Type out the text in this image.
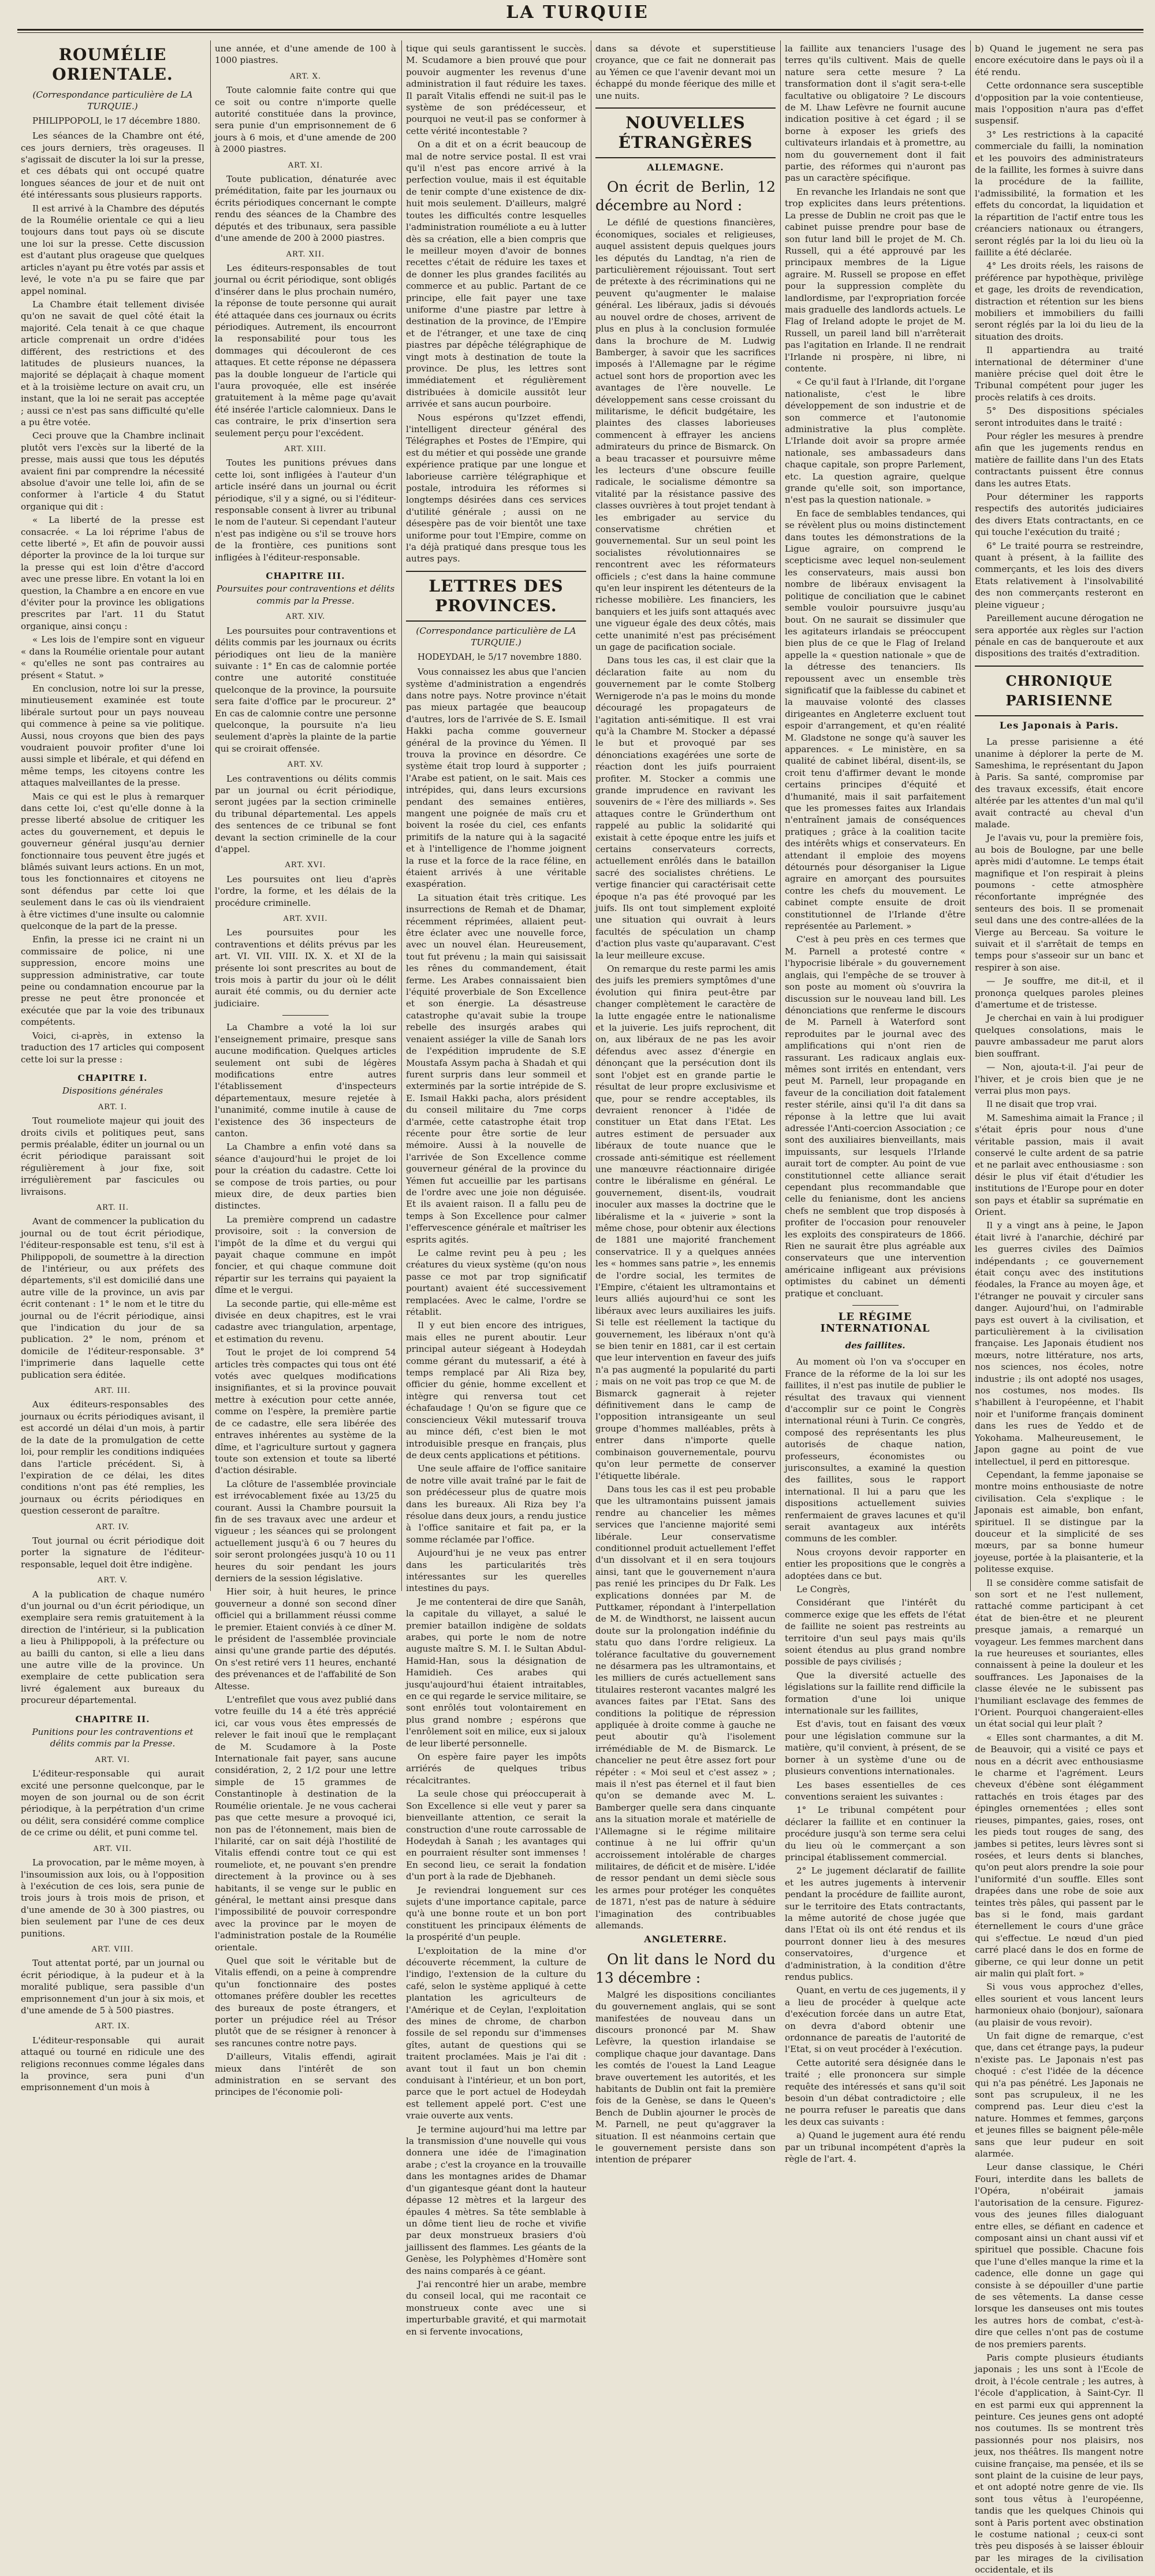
LA TURQUIE
ROUMÉLIE ORIENTALE.
(Correspondance particulière de LA TURQUIE.)
PHILIPPOPOLI, le 17 décembre 1880.

Les séances de la Chambre ont été, ces jours derniers, très orageuses. Il s'agissait de discuter la loi sur la presse, et ces débats qui ont occupé quatre longues séances de jour et de nuit ont été intéressants sous plusieurs rapports.

Il est arrivé à la Chambre des députés de la Roumélie orientale ce qui a lieu toujours dans tout pays où se discute une loi sur la presse. Cette discussion est d'autant plus orageuse que quelques articles n'ayant pu être votés par assis et levé, le vote n'a pu se faire que par appel nominal.

La Chambre était tellement divisée qu'on ne savait de quel côté était la majorité. Cela tenait à ce que chaque article comprenait un ordre d'idées différent, des restrictions et des latitudes de plusieurs nuances, la majorité se déplaçait à chaque moment et à la troisième lecture on avait cru, un instant, que la loi ne serait pas acceptée ; aussi ce n'est pas sans difficulté qu'elle a pu être votée.

Ceci prouve que la Chambre inclinait plutôt vers l'excès sur la liberté de la presse, mais aussi que tous les députés avaient fini par comprendre la nécessité absolue d'avoir une telle loi, afin de se conformer à l'article 4 du Statut organique qui dit :

« La liberté de la presse est consacrée. « La loi réprime l'abus de cette liberté », Et afin de pouvoir aussi déporter la province de la loi turque sur la presse qui est loin d'être d'accord avec une presse libre. En votant la loi en question, la Chambre a en encore en vue d'éviter pour la province les obligations prescrites par l'art. 11 du Statut organique, ainsi conçu :

« Les lois de l'empire sont en vigueur « dans la Roumélie orientale pour autant « qu'elles ne sont pas contraires au présent « Statut. »

En conclusion, notre loi sur la presse, minutieusement examinée est toute libérale surtout pour un pays nouveau qui commence à peine sa vie politique. Aussi, nous croyons que bien des pays voudraient pouvoir profiter d'une loi aussi simple et libérale, et qui défend en même temps, les citoyens contre les attaques malveillantes de la presse.

Mais ce qui est le plus à remarquer dans cette loi, c'est qu'elle donne à la presse liberté absolue de critiquer les actes du gouvernement, et depuis le gouverneur général jusqu'au dernier fonctionnaire tous peuvent être jugés et blâmés suivant leurs actions. En un mot, tous les fonctionnaires et citoyens ne sont défendus par cette loi que seulement dans le cas où ils viendraient à être victimes d'une insulte ou calomnie quelconque de la part de la presse.

Enfin, la presse ici ne craint ni un commissaire de police, ni une suppression, encore moins une suppression administrative, car toute peine ou condamnation encourue par la presse ne peut être prononcée et exécutée que par la voie des tribunaux compétents.

Voici, ci-après, in extenso la traduction des 17 articles qui composent cette loi sur la presse :

CHAPITRE I.
Dispositions générales
ART. I.

Tout roumeliote majeur qui jouit des droits civils et politiques peut, sans permis préalable, éditer un journal ou un écrit périodique paraissant soit régulièrement à jour fixe, soit irrégulièrement par fascicules ou livraisons.

ART. II.

Avant de commencer la publication du journal ou de tout écrit périodique, l'éditeur-responsable est tenu, s'il est à Philippopoli, de soumettre à la direction de l'intérieur, ou aux préfets des départements, s'il est domicilié dans une autre ville de la province, un avis par écrit contenant : 1° le nom et le titre du journal ou de l'écrit périodique, ainsi que l'indication du jour de sa publication. 2° le nom, prénom et domicile de l'éditeur-responsable. 3° l'imprimerie dans laquelle cette publication sera éditée.

ART. III.

Aux éditeurs-responsables des journaux ou écrits périodiques avisant, il est accordé un délai d'un mois, à partir de la date de la promulgation de cette loi, pour remplir les conditions indiquées dans l'article précédent. Si, à l'expiration de ce délai, les dites conditions n'ont pas été remplies, les journaux ou écrits périodiques en question cesseront de paraître.

ART. IV.

Tout journal ou écrit périodique doit porter la signature de l'éditeur-responsable, lequel doit être indigène.

ART. V.

A la publication de chaque numéro d'un journal ou d'un écrit périodique, un exemplaire sera remis gratuitement à la direction de l'intérieur, si la publication a lieu à Philippopoli, à la préfecture ou au bailli du canton, si elle a lieu dans une autre ville de la province. Un exemplaire de cette publication sera livré également aux bureaux du procureur départemental.

CHAPITRE II.
Punitions pour les contraventions et délits commis par la Presse.
ART. VI.

L'éditeur-responsable qui aurait excité une personne quelconque, par le moyen de son journal ou de son écrit périodique, à la perpétration d'un crime ou délit, sera considéré comme complice de ce crime ou délit, et puni comme tel.

ART. VII.

La provocation, par le même moyen, à l'insoumission aux lois, ou à l'opposition à l'exécution de ces lois, sera punie de trois jours à trois mois de prison, et d'une amende de 30 à 300 piastres, ou bien seulement par l'une de ces deux punitions.

ART. VIII.

Tout attentat porté, par un journal ou écrit périodique, à la pudeur et à la moralité publique, sera passible d'un emprisonnement d'un jour à six mois, et d'une amende de 5 à 500 piastres.

ART. IX.

L'éditeur-responsable qui aurait attaqué ou tourné en ridicule une des religions reconnues comme légales dans la province, sera puni d'un emprisonnement d'un mois à

une année, et d'une amende de 100 à 1000 piastres.

ART. X.

Toute calomnie faite contre qui que ce soit ou contre n'importe quelle autorité constituée dans la province, sera punie d'un emprisonnement de 6 jours à 6 mois, et d'une amende de 200 à 2000 piastres.

ART. XI.

Toute publication, dénaturée avec préméditation, faite par les journaux ou écrits périodiques concernant le compte rendu des séances de la Chambre des députés et des tribunaux, sera passible d'une amende de 200 à 2000 piastres.

ART. XII.

Les éditeurs-responsables de tout journal ou écrit périodique, sont obligés d'insérer dans le plus prochain numéro, la réponse de toute personne qui aurait été attaquée dans ces journaux ou écrits périodiques. Autrement, ils encourront la responsabilité pour tous les dommages qui découleront de ces attaques. Et cette réponse ne dépassera pas la double longueur de l'article qui l'aura provoquée, elle est insérée gratuitement à la même page qu'avait été insérée l'article calomnieux. Dans le cas contraire, le prix d'insertion sera seulement perçu pour l'excédent.

ART. XIII.

Toutes les punitions prévues dans cette loi, sont infligées à l'auteur d'un article inséré dans un journal ou écrit périodique, s'il y a signé, ou si l'éditeur-responsable consent à livrer au tribunal le nom de l'auteur. Si cependant l'auteur n'est pas indigène ou s'il se trouve hors de la frontière, ces punitions sont infligées à l'éditeur-responsable.

CHAPITRE III.
Poursuites pour contraventions et délits commis par la Presse.
ART. XIV.

Les poursuites pour contraventions et délits commis par les journaux ou écrits périodiques ont lieu de la manière suivante : 1° En cas de calomnie portée contre une autorité constituée quelconque de la province, la poursuite sera faite d'office par le procureur. 2° En cas de calomnie contre une personne quelconque, la poursuite n'a lieu seulement d'après la plainte de la partie qui se croirait offensée.

ART. XV.

Les contraventions ou délits commis par un journal ou écrit périodique, seront jugées par la section criminelle du tribunal départemental. Les appels des sentences de ce tribunal se font devant la section criminelle de la cour d'appel.

ART. XVI.

Les poursuites ont lieu d'après l'ordre, la forme, et les délais de la procédure criminelle.

ART. XVII.

Les poursuites pour les contraventions et délits prévus par les art. VI. VII. VIII. IX. X. et XI de la présente loi sont prescrites au bout de trois mois à partir du jour où le délit aurait été commis, ou du dernier acte judiciaire.

La Chambre a voté la loi sur l'enseignement primaire, presque sans aucune modification. Quelques articles seulement ont subi de légères modifications entre autres l'établissement d'inspecteurs départementaux, mesure rejetée à l'unanimité, comme inutile à cause de l'existence des 36 inspecteurs de canton.

La Chambre a enfin voté dans sa séance d'aujourd'hui le projet de loi pour la création du cadastre. Cette loi se compose de trois parties, ou pour mieux dire, de deux parties bien distinctes.

La première comprend un cadastre provisoire, soit : la conversion de l'impôt de la dîme et du vergui qui payait chaque commune en impôt foncier, et qui chaque commune doit répartir sur les terrains qui payaient la dîme et le vergui.

La seconde partie, qui elle-même est divisée en deux chapitres, est le vrai cadastre avec triangulation, arpentage, et estimation du revenu.

Tout le projet de loi comprend 54 articles très compactes qui tous ont été votés avec quelques modifications insignifiantes, et si la province pouvait mettre à exécution pour cette année, comme on l'espère, la première partie de ce cadastre, elle sera libérée des entraves inhérentes au système de la dîme, et l'agriculture surtout y gagnera toute son extension et toute sa liberté d'action désirable.

La clôture de l'assemblée provinciale est irrévocablement fixée au 13/25 du courant. Aussi la Chambre poursuit la fin de ses travaux avec une ardeur et vigueur ; les séances qui se prolongent actuellement jusqu'à 6 ou 7 heures du soir seront prolongées jusqu'à 10 ou 11 heures du soir pendant les jours derniers de la session législative.

Hier soir, à huit heures, le prince gouverneur a donné son second dîner officiel qui a brillamment réussi comme le premier. Etaient conviés à ce dîner M. le président de l'assemblée provinciale ainsi qu'une grande partie des députés. On s'est retiré vers 11 heures, enchanté des prévenances et de l'affabilité de Son Altesse.

L'entrefilet que vous avez publié dans votre feuille du 14 a été très apprécié ici, car vous vous êtes empressés de relever le fait inouï que le remplaçant de M. Scudamore à la Poste Internationale fait payer, sans aucune considération, 2, 2 1/2 pour une lettre simple de 15 grammes de Constantinople à destination de la Roumélie orientale. Je ne vous cacherai pas que cette mesure a provoqué ici, non pas de l'étonnement, mais bien de l'hilarité, car on sait déjà l'hostilité de Vitalis effendi contre tout ce qui est roumeliote, et, ne pouvant s'en prendre directement à la province ou à ses habitants, il se venge sur le public en général, le mettant ainsi presque dans l'impossibilité de pouvoir correspondre avec la province par le moyen de l'administration postale de la Roumélie orientale.

Quel que soit le véritable but de Vitalis effendi, on a peine à comprendre qu'un fonctionnaire des postes ottomanes préfère doubler les recettes des bureaux de poste étrangers, et porter un préjudice réel au Trésor plutôt que de se résigner à renoncer à ses rancunes contre notre pays.

D'ailleurs, Vitalis effendi, agirait mieux dans l'intérêt de son administration en se servant des principes de l'économie poli-

tique qui seuls garantissent le succès. M. Scudamore a bien prouvé que pour pouvoir augmenter les revenus d'une administration il faut réduire les taxes. Il paraît Vitalis effendi ne suit-il pas le système de son prédécesseur, et pourquoi ne veut-il pas se conformer à cette vérité incontestable ?

On a dit et on a écrit beaucoup de mal de notre service postal. Il est vrai qu'il n'est pas encore arrivé à la perfection voulue, mais il est équitable de tenir compte d'une existence de dix-huit mois seulement. D'ailleurs, malgré toutes les difficultés contre lesquelles l'administration rouméliote a eu à lutter dès sa création, elle a bien compris que le meilleur moyen d'avoir de bonnes recettes c'était de réduire les taxes et de donner les plus grandes facilités au commerce et au public. Partant de ce principe, elle fait payer une taxe uniforme d'une piastre par lettre à destination de la province, de l'Empire et de l'étranger, et une taxe de cinq piastres par dépêche télégraphique de vingt mots à destination de toute la province. De plus, les lettres sont immédiatement et régulièrement distribuées à domicile aussitôt leur arrivée et sans aucun pourboire.

Nous espérons qu'Izzet effendi, l'intelligent directeur général des Télégraphes et Postes de l'Empire, qui est du métier et qui possède une grande expérience pratique par une longue et laborieuse carrière télégraphique et postale, introduira les réformes si longtemps désirées dans ces services d'utilité générale ; aussi on ne désespère pas de voir bientôt une taxe uniforme pour tout l'Empire, comme on l'a déjà pratiqué dans presque tous les autres pays.

LETTRES DES PROVINCES.
(Correspondance particulière de LA TURQUIE.)
HODEYDAH, le 5/17 novembre 1880.

Vous connaissez les abus que l'ancien système d'administration a engendrés dans notre pays. Notre province n'était pas mieux partagée que beaucoup d'autres, lors de l'arrivée de S. E. Ismail Hakki pacha comme gouverneur général de la province du Yémen. Il trouva la province en désordre. Ce système était trop lourd à supporter ; l'Arabe est patient, on le sait. Mais ces intrépides, qui, dans leurs excursions pendant des semaines entières, mangent une poignée de maïs cru et boivent la rosée du ciel, ces enfants primitifs de la nature qui à la sagacité et à l'intelligence de l'homme joignent la ruse et la force de la race féline, en étaient arrivés à une véritable exaspération.

La situation était très critique. Les insurrections de Remah et de Dhamar, récemment réprimées, allaient peut-être éclater avec une nouvelle force, avec un nouvel élan. Heureusement, tout fut prévenu ; la main qui saisissait les rênes du commandement, était ferme. Les Arabes connaissaient bien l'équité proverbiale de Son Excellence et son énergie. La désastreuse catastrophe qu'avait subie la troupe rebelle des insurgés arabes qui venaient assiéger la ville de Sanah lors de l'expédition imprudente de S.E Moustafa Assym pacha à Shadah et qui furent surpris dans leur sommeil et exterminés par la sortie intrépide de S. E. Ismail Hakki pacha, alors président du conseil militaire du 7me corps d'armée, cette catastrophe était trop récente pour être sortie de leur mémoire. Aussi à la nouvelle de l'arrivée de Son Excellence comme gouverneur général de la province du Yémen fut accueillie par les partisans de l'ordre avec une joie non déguisée. Et ils avaient raison. Il a fallu peu de temps à Son Excellence pour calmer l'effervescence générale et maîtriser les esprits agités.

Le calme revint peu à peu ; les créatures du vieux système (qu'on nous passe ce mot par trop significatif pourtant) avaient été successivement remplacées. Avec le calme, l'ordre se rétablit.

Il y eut bien encore des intrigues, mais elles ne purent aboutir. Leur principal auteur siégeant à Hodeydah comme gérant du mutessarif, a été à temps remplacé par Ali Riza bey, officier du génie, homme excellent et intègre qui renversa tout cet échafaudage ! Qu'on se figure que ce consciencieux Vékil mutessarif trouva au mince défi, c'est bien le mot introduisible presque en français, plus de deux cents applications et pétitions.

Une seule affaire de l'office sanitaire de notre ville avait traîné par le fait de son prédécesseur plus de quatre mois dans les bureaux. Ali Riza bey l'a résolue dans deux jours, a rendu justice à l'office sanitaire et fait pa, er la somme réclamée par l'office.

Aujourd'hui je ne veux pas entrer dans les particularités très intéressantes sur les querelles intestines du pays.

Je me contenterai de dire que Sanâh, la capitale du villayet, a salué le premier bataillon indigène de soldats arabes, qui porte le nom de notre auguste maître S. M. I. le Sultan Abdul-Hamid-Han, sous la désignation de Hamidieh. Ces arabes qui jusqu'aujourd'hui étaient intraitables, en ce qui regarde le service militaire, se sont enrôlés tout volontairement en plus grand nombre ; espérons que l'enrôlement soit en milice, eux si jaloux de leur liberté personnelle.

On espère faire payer les impôts arriérés de quelques tribus récalcitrantes.

La seule chose qui préoccuperait à Son Excellence si elle veut y parer sa bienveillante attention, ce serait la construction d'une route carrossable de Hodeydah à Sanah ; les avantages qui en pourraient résulter sont immenses ! En second lieu, ce serait la fondation d'un port à la rade de Djebhaneh.

Je reviendrai longuement sur ces sujets d'une importance capitale, parce qu'à une bonne route et un bon port constituent les principaux éléments de la prospérité d'un peuple.

L'exploitation de la mine d'or découverte récemment, la culture de l'indigo, l'extension de la culture du café, selon le système appliqué à cette plantation les agriculteurs de l'Amérique et de Ceylan, l'exploitation des mines de chrome, de charbon fossile de sel repondu sur d'immenses gîtes, autant de questions qui se traitent proclamées. Mais je l'ai dit : avant tout il faut un bon chemin conduisant à l'intérieur, et un bon port, parce que le port actuel de Hodeydah est tellement appelé port. C'est une vraie ouverte aux vents.

Je termine aujourd'hui ma lettre par la transmission d'une nouvelle qui vous donnera une idée de l'imagination arabe ; c'est la croyance en la trouvaille dans les montagnes arides de Dhamar d'un gigantesque géant dont la hauteur dépasse 12 mètres et la largeur des épaules 4 mètres. Sa tête semblable à un dôme tient lieu de roche et vivifie par deux monstrueux brasiers d'où jaillissent des flammes. Les géants de la Genèse, les Polyphèmes d'Homère sont des nains comparés à ce géant.

J'ai rencontré hier un arabe, membre du conseil local, qui me racontait ce monstrueux conte avec une si imperturbable gravité, et qui marmotait en si fervente invocations,

dans sa dévote et superstitieuse croyance, que ce fait ne donnerait pas au Yémen ce que l'avenir devant moi un échappé du monde féerique des mille et une nuits.

NOUVELLES ÉTRANGÈRES
ALLEMAGNE.

On écrit de Berlin, 12 décembre au Nord :

Le défilé de questions financières, économiques, sociales et religieuses, auquel assistent depuis quelques jours les députés du Landtag, n'a rien de particulièrement réjouissant. Tout sert de prétexte à des récriminations qui ne peuvent qu'augmenter le malaise général. Les libéraux, jadis si dévoués au nouvel ordre de choses, arrivent de plus en plus à la conclusion formulée dans la brochure de M. Ludwig Bamberger, à savoir que les sacrifices imposés à l'Allemagne par le régime actuel sont hors de proportion avec les avantages de l'ère nouvelle. Le développement sans cesse croissant du militarisme, le déficit budgétaire, les plaintes des classes laborieuses commencent à effrayer les anciens admirateurs du prince de Bismarck. On a beau tracasser et poursuivre même les lecteurs d'une obscure feuille radicale, le socialisme démontre sa vitalité par la résistance passive des classes ouvrières à tout projet tendant à les embrigader au service du conservatisme chrétien et gouvernemental. Sur un seul point les socialistes révolutionnaires se rencontrent avec les réformateurs officiels ; c'est dans la haine commune qu'en leur inspirent les détenteurs de la richesse mobilière. Les financiers, les banquiers et les juifs sont attaqués avec une vigueur égale des deux côtés, mais cette unanimité n'est pas précisément un gage de pacification sociale.

Dans tous les cas, il est clair que la déclaration faite au nom du gouvernement par le comte Stolberg Wernigerode n'a pas le moins du monde découragé les propagateurs de l'agitation anti-sémitique. Il est vrai qu'à la Chambre M. Stocker a dépassé le but et provoqué par ses dénonciations exagérées une sorte de réaction dont les juifs pourraient profiter. M. Stocker a commis une grande imprudence en ravivant les souvenirs de « l'ère des milliards ». Ses attaques contre le Gründerthum ont rappelé au public la solidarité qui existait à cette époque entre les juifs et certains conservateurs corrects, actuellement enrôlés dans le bataillon sacré des socialistes chrétiens. Le vertige financier qui caractérisait cette époque n'a pas été provoqué par les juifs. Ils ont tout simplement exploité une situation qui ouvrait à leurs facultés de spéculation un champ d'action plus vaste qu'auparavant. C'est la leur meilleure excuse.

On remarque du reste parmi les amis des juifs les premiers symptômes d'une évolution qui finira peut-être par changer complètement le caractère de la lutte engagée entre le nationalisme et la juiverie. Les juifs reprochent, dit on, aux libéraux de ne pas les avoir défendus avec assez d'énergie en dénonçant que la persécution dont ils sont l'objet est en grande partie le résultat de leur propre exclusivisme et que, pour se rendre acceptables, ils devraient renoncer à l'idée de constituer un Etat dans l'Etat. Les autres estiment de persuader aux libéraux de toute nuance que le crossade anti-sémitique est réellement une manœuvre réactionnaire dirigée contre le libéralisme en général. Le gouvernement, disent-ils, voudrait inoculer aux masses la doctrine que le libéralisme et la « juiverie » sont la même chose, pour obtenir aux élections de 1881 une majorité franchement conservatrice. Il y a quelques années les « hommes sans patrie », les ennemis de l'ordre social, les termites de l'Empire, c'étaient les ultramontains et leurs alliés aujourd'hui ce sont les libéraux avec leurs auxiliaires les juifs. Si telle est réellement la tactique du gouvernement, les libéraux n'ont qu'à se bien tenir en 1881, car il est certain que leur intervention en faveur des juifs n'a pas augmenté la popularité du parti ; mais on ne voit pas trop ce que M. de Bismarck gagnerait à rejeter définitivement dans le camp de l'opposition intransigeante un seul groupe d'hommes malléables, prêts à entrer dans n'importe quelle combinaison gouvernementale, pourvu qu'on leur permette de conserver l'étiquette libérale.

Dans tous les cas il est peu probable que les ultramontains puissent jamais rendre au chancelier les mêmes services que l'ancienne majorité semi libérale. Leur conservatisme conditionnel produit actuellement l'effet d'un dissolvant et il en sera toujours ainsi, tant que le gouvernement n'aura pas renié les principes du Dr Falk. Les explications données par M. de Puttkamer, répondant à l'interpellation de M. de Windthorst, ne laissent aucun doute sur la prolongation indéfinie du statu quo dans l'ordre religieux. La tolérance facultative du gouvernement ne désarmera pas les ultramontains, et les milliers de curés actuellement sans titulaires resteront vacantes malgré les avances faites par l'Etat. Sans des conditions la politique de répression appliquée à droite comme à gauche ne peut aboutir qu'à l'isolement irrémédiable de M. de Bismarck. Le chancelier ne peut être assez fort pour répéter : « Moi seul et c'est assez » ; mais il n'est pas éternel et il faut bien qu'on se demande avec M. L. Bamberger quelle sera dans cinquante ans la situation morale et matérielle de l'Allemagne si le régime militaire continue à ne lui offrir qu'un accroissement intolérable de charges militaires, de déficit et de misère. L'idée de ressor pendant un demi siècle sous les armes pour protéger les conquêtes de 1871, n'est pas de nature à séduire l'imagination des contribuables allemands.

ANGLETERRE.

On lit dans le Nord du 13 décembre :

Malgré les dispositions conciliantes du gouvernement anglais, qui se sont manifestées de nouveau dans un discours prononcé par M. Shaw Lefèvre, la question irlandaise se complique chaque jour davantage. Dans les comtés de l'ouest la Land League brave ouvertement les autorités, et les habitants de Dublin ont fait la première fois de la Genèse, se dans le Queen's Bench de Dublin ajourner le procès de M. Parnell, ne peut qu'aggraver la situation. Il est néanmoins certain que le gouvernement persiste dans son intention de préparer

la faillite aux tenanciers l'usage des terres qu'ils cultivent. Mais de quelle nature sera cette mesure ? La transformation dont il s'agit sera-t-elle facultative ou obligatoire ? Le discours de M. Lhaw Lefèvre ne fournit aucune indication positive à cet égard ; il se borne à exposer les griefs des cultivateurs irlandais et à promettre, au nom du gouvernement dont il fait partie, des réformes qui n'auront pas pas un caractère spécifique.

En revanche les Irlandais ne sont que trop explicites dans leurs prétentions. La presse de Dublin ne croit pas que le cabinet puisse prendre pour base de son futur land bill le projet de M. Ch. Russell, qui a été approuvé par les principaux membres de la Ligue agraire. M. Russell se propose en effet pour la suppression complète du landlordisme, par l'expropriation forcée mais graduelle des landlords actuels. Le Flag of Ireland adopte le projet de M. Russell, un pareil land bill n'arrêterait pas l'agitation en Irlande. Il ne rendrait l'Irlande ni prospère, ni libre, ni contente.

« Ce qu'il faut à l'Irlande, dit l'organe nationaliste, c'est le libre développement de son industrie et de son commerce et l'autonomie administrative la plus complète. L'Irlande doit avoir sa propre armée nationale, ses ambassadeurs dans chaque capitale, son propre Parlement, etc. La question agraire, quelque grande qu'elle soit, son importance, n'est pas la question nationale. »

En face de semblables tendances, qui se révèlent plus ou moins distinctement dans toutes les démonstrations de la Ligue agraire, on comprend le scepticisme avec lequel non-seulement les conservateurs, mais aussi bon nombre de libéraux envisagent la politique de conciliation que le cabinet semble vouloir poursuivre jusqu'au bout. On ne saurait se dissimuler que les agitateurs irlandais se préoccupent bien plus de ce que le Flag of Ireland appelle la « question nationale » que de la détresse des tenanciers. Ils repoussent avec un ensemble très significatif que la faiblesse du cabinet et la mauvaise volonté des classes dirigeantes en Angleterre excluent tout espoir d'arrangement, et qu'en réalité M. Gladstone ne songe qu'à sauver les apparences. « Le ministère, en sa qualité de cabinet libéral, disent-ils, se croit tenu d'affirmer devant le monde certains principes d'équité et d'humanité, mais il sait parfaitement que les promesses faites aux Irlandais n'entraînent jamais de conséquences pratiques ; grâce à la coalition tacite des intérêts whigs et conservateurs. En attendant il emploie des moyens détournés pour désorganiser la Ligue agraire en amorçant des poursuites contre les chefs du mouvement. Le cabinet compte ensuite de droit constitutionnel de l'Irlande d'être représentée au Parlement. »

C'est à peu près en ces termes que M. Parnell a protesté contre « l'hypocrisie libérale » du gouvernement anglais, qui l'empêche de se trouver à son poste au moment où s'ouvrira la discussion sur le nouveau land bill. Les dénonciations que renferme le discours de M. Parnell à Waterford sont reproduites par le journal avec des amplifications qui n'ont rien de rassurant. Les radicaux anglais eux-mêmes sont irrités en entendant, vers peut M. Parnell, leur propagande en faveur de la conciliation doit fatalement rester stérile, ainsi qu'il l'a dit dans sa réponse à la lettre que lui avait adressée l'Anti-coercion Association ; ce sont des auxiliaires bienveillants, mais impuissants, sur lesquels l'Irlande aurait tort de compter. Au point de vue constitutionnel cette alliance serait cependant plus recommandable que celle du fenianisme, dont les anciens chefs ne semblent que trop disposés à profiter de l'occasion pour renouveler les exploits des conspirateurs de 1866. Rien ne saurait être plus agréable aux conservateurs que une intervention américaine infligeant aux prévisions optimistes du cabinet un démenti pratique et concluant.

LE RÉGIME INTERNATIONAL
des faillites.

Au moment où l'on va s'occuper en France de la réforme de la loi sur les faillites, il n'est pas inutile de publier le résultat des travaux qui viennent d'accomplir sur ce point le Congrès international réuni à Turin. Ce congrès, composé des représentants les plus autorisés de chaque nation, professeurs, économistes ou jurisconsultes, a examiné la question des faillites, sous le rapport international. Il lui a paru que les dispositions actuellement suivies renfermaient de graves lacunes et qu'il serait avantageux aux intérêts communs de les combler.

Nous croyons devoir rapporter en entier les propositions que le congrès a adoptées dans ce but.

Le Congrès,

Considérant que l'intérêt du commerce exige que les effets de l'état de faillite ne soient pas restreints au territoire d'un seul pays mais qu'ils soient étendus au plus grand nombre possible de pays civilisés ;

Que la diversité actuelle des législations sur la faillite rend difficile la formation d'une loi unique internationale sur les faillites,

Est d'avis, tout en faisant des vœux pour une législation commune sur la matière, qu'il convient, à présent, de se borner à un système d'une ou de plusieurs conventions internationales.

Les bases essentielles de ces conventions seraient les suivantes :

1° Le tribunal compétent pour déclarer la faillite et en continuer la procédure jusqu'à son terme sera celui du lieu où le commerçant a son principal établissement commercial.

2° Le jugement déclaratif de faillite et les autres jugements à intervenir pendant la procédure de faillite auront, sur le territoire des Etats contractants, la même autorité de chose jugée que dans l'Etat où ils ont été rendus et ils pourront donner lieu à des mesures conservatoires, d'urgence et d'administration, à la condition d'être rendus publics.

Quant, en vertu de ces jugements, il y a lieu de procéder à quelque acte d'exécution forcée dans un autre Etat, on devra d'abord obtenir une ordonnance de pareatis de l'autorité de l'Etat, si on veut procéder à l'exécution.

Cette autorité sera désignée dans le traité ; elle prononcera sur simple requête des intéressés et sans qu'il soit besoin d'un débat contradictoire ; elle ne pourra refuser le pareatis que dans les deux cas suivants :

a) Quand le jugement aura été rendu par un tribunal incompétent d'après la règle de l'art. 4.

b) Quand le jugement ne sera pas encore exécutoire dans le pays où il a été rendu.

Cette ordonnance sera susceptible d'opposition par la voie contentieuse, mais l'opposition n'aura pas d'effet suspensif.

3° Les restrictions à la capacité commerciale du failli, la nomination et les pouvoirs des administrateurs de la faillite, les formes à suivre dans la procédure de la faillite, l'admissibilité, la formation et les effets du concordat, la liquidation et la répartition de l'actif entre tous les créanciers nationaux ou étrangers, seront réglés par la loi du lieu où la faillite a été déclarée.

4° Les droits réels, les raisons de préférence par hypothèque, privilège et gage, les droits de revendication, distraction et rétention sur les biens mobiliers et immobiliers du failli seront réglés par la loi du lieu de la situation des droits.

Il appartiendra au traité international de déterminer d'une manière précise quel doit être le Tribunal compétent pour juger les procès relatifs à ces droits.

5° Des dispositions spéciales seront introduites dans le traité :

Pour régler les mesures à prendre afin que les jugements rendus en matière de faillite dans l'un des Etats contractants puissent être connus dans les autres Etats.

Pour déterminer les rapports respectifs des autorités judiciaires des divers Etats contractants, en ce qui touche l'exécution du traité ;

6° Le traité pourra se restreindre, quant à présent, à la faillite des commerçants, et les lois des divers Etats relativement à l'insolvabilité des non commerçants resteront en pleine vigueur ;

Pareillement aucune dérogation ne sera apportée aux règles sur l'action pénale en cas de banqueroute et aux dispositions des traités d'extradition.

CHRONIQUE PARISIENNE
Les Japonais à Paris.

La presse parisienne a été unanime à déplorer la perte de M. Sameshima, le représentant du Japon à Paris. Sa santé, compromise par des travaux excessifs, était encore altérée par les attentes d'un mal qu'il avait contracté au cheval d'un malade.

Je l'avais vu, pour la première fois, au bois de Boulogne, par une belle après midi d'automne. Le temps était magnifique et l'on respirait à pleins poumons - cette atmosphère réconfortante imprégnée des senteurs des bois. Il se promenait seul dans une des contre-allées de la Vierge au Berceau. Sa voiture le suivait et il s'arrêtait de temps en temps pour s'asseoir sur un banc et respirer à son aise.

— Je souffre, me dit-il, et il prononça quelques paroles pleines d'amertume et de tristesse.

Je cherchai en vain à lui prodiguer quelques consolations, mais le pauvre ambassadeur me parut alors bien souffrant.

— Non, ajouta-t-il. J'ai peur de l'hiver, et je crois bien que je ne verrai plus mon pays.

Il ne disait que trop vrai.

M. Sameshima aimait la France ; il s'était épris pour nous d'une véritable passion, mais il avait conservé le culte ardent de sa patrie et ne parlait avec enthousiasme : son désir le plus vif était d'étudier les institutions de l'Europe pour en doter son pays et établir sa suprématie en Orient.

Il y a vingt ans à peine, le Japon était livré à l'anarchie, déchiré par les guerres civiles des Daïmios indépendants ; ce gouvernement était conçu avec des institutions féodales, la France au moyen âge, et l'étranger ne pouvait y circuler sans danger. Aujourd'hui, on l'admirable pays est ouvert à la civilisation, et particulièrement à la civilisation française. Les Japonais étudient nos mœurs, notre littérature, nos arts, nos sciences, nos écoles, notre industrie ; ils ont adopté nos usages, nos costumes, nos modes. Ils s'habillent à l'européenne, et l'habit noir et l'uniforme français dominent dans les rues de Yeddo et de Yokohama. Malheureusement, le Japon gagne au point de vue intellectuel, il perd en pittoresque.

Cependant, la femme japonaise se montre moins enthousiaste de notre civilisation. Cela s'explique : le Japonais est aimable, bon enfant, spirituel. Il se distingue par la douceur et la simplicité de ses mœurs, par sa bonne humeur joyeuse, portée à la plaisanterie, et la politesse exquise.

Il se considère comme satisfait de son sort et ne l'est nullement, rattaché comme participant à cet état de bien-être et ne pleurent presque jamais, a remarqué un voyageur. Les femmes marchent dans la rue heureuses et souriantes, elles connaissent à peine la douleur et les souffrances. Les Japonaises de la classe élevée ne le subissent pas l'humiliant esclavage des femmes de l'Orient. Pourquoi changeraient-elles un état social qui leur plaît ?

« Elles sont charmantes, a dit M. de Beauvoir, qui a visité ce pays et nous en a décrit avec enthousiasme le charme et l'agrément. Leurs cheveux d'ébène sont élégamment rattachés en trois étages par des épingles ornementées ; elles sont rieuses, pimpantes, gaies, roses, ont les pieds tout rouges de sang, des jambes si petites, leurs lèvres sont si rosées, et leurs dents si blanches, qu'on peut alors prendre la soie pour l'uniformité d'un souffle. Elles sont drapées dans une robe de soie aux teintes très pâles, qui passent par le bas si le fond, mais gardant éternellement le cours d'une grâce qui s'effectue. Le nœud d'un pied carré placé dans le dos en forme de giberne, ce qui leur donne un petit air malin qui plaît fort. »

Si vous vous approchez d'elles, elles sourient et vous lancent leurs harmonieux ohaio (bonjour), saïonara (au plaisir de vous revoir).

Un fait digne de remarque, c'est que, dans cet étrange pays, la pudeur n'existe pas. Le Japonais n'est pas choqué : c'est l'idée de la décence qui n'a pas pénétré. Les Japonais ne sont pas scrupuleux, il ne les comprend pas. Leur dieu c'est la nature. Hommes et femmes, garçons et jeunes filles se baignent pêle-mêle sans que leur pudeur en soit alarmée.

Leur danse classique, le Chéri Fouri, interdite dans les ballets de l'Opéra, n'obéirait jamais l'autorisation de la censure. Figurez-vous des jeunes filles dialoguant entre elles, se défiant en cadence et composant ainsi un chant aussi vif et spirituel que possible. Chacune fois que l'une d'elles manque la rime et la cadence, elle donne un gage qui consiste à se dépouiller d'une partie de ses vêtements. La danse cesse lorsque les danseuses ont mis toutes les autres hors de combat, c'est-à-dire que celles n'ont pas de costume de nos premiers parents.

Paris compte plusieurs étudiants japonais ; les uns sont à l'Ecole de droit, à l'école centrale ; les autres, à l'école d'application, à Saint-Cyr. Il en est parmi eux qui apprennent la peinture. Ces jeunes gens ont adopté nos coutumes. Ils se montrent très passionnés pour nos plaisirs, nos jeux, nos théâtres. Ils mangent notre cuisine française, ma pensée, et ils se sont plaint de la cuisine de leur pays, et ont adopté notre genre de vie. Ils sont tous vêtus à l'européenne, tandis que les quelques Chinois qui sont à Paris portent avec obstination le costume national ; ceux-ci sont très peu disposés à se laisser éblouir par les mirages de la civilisation occidentale, et ils
